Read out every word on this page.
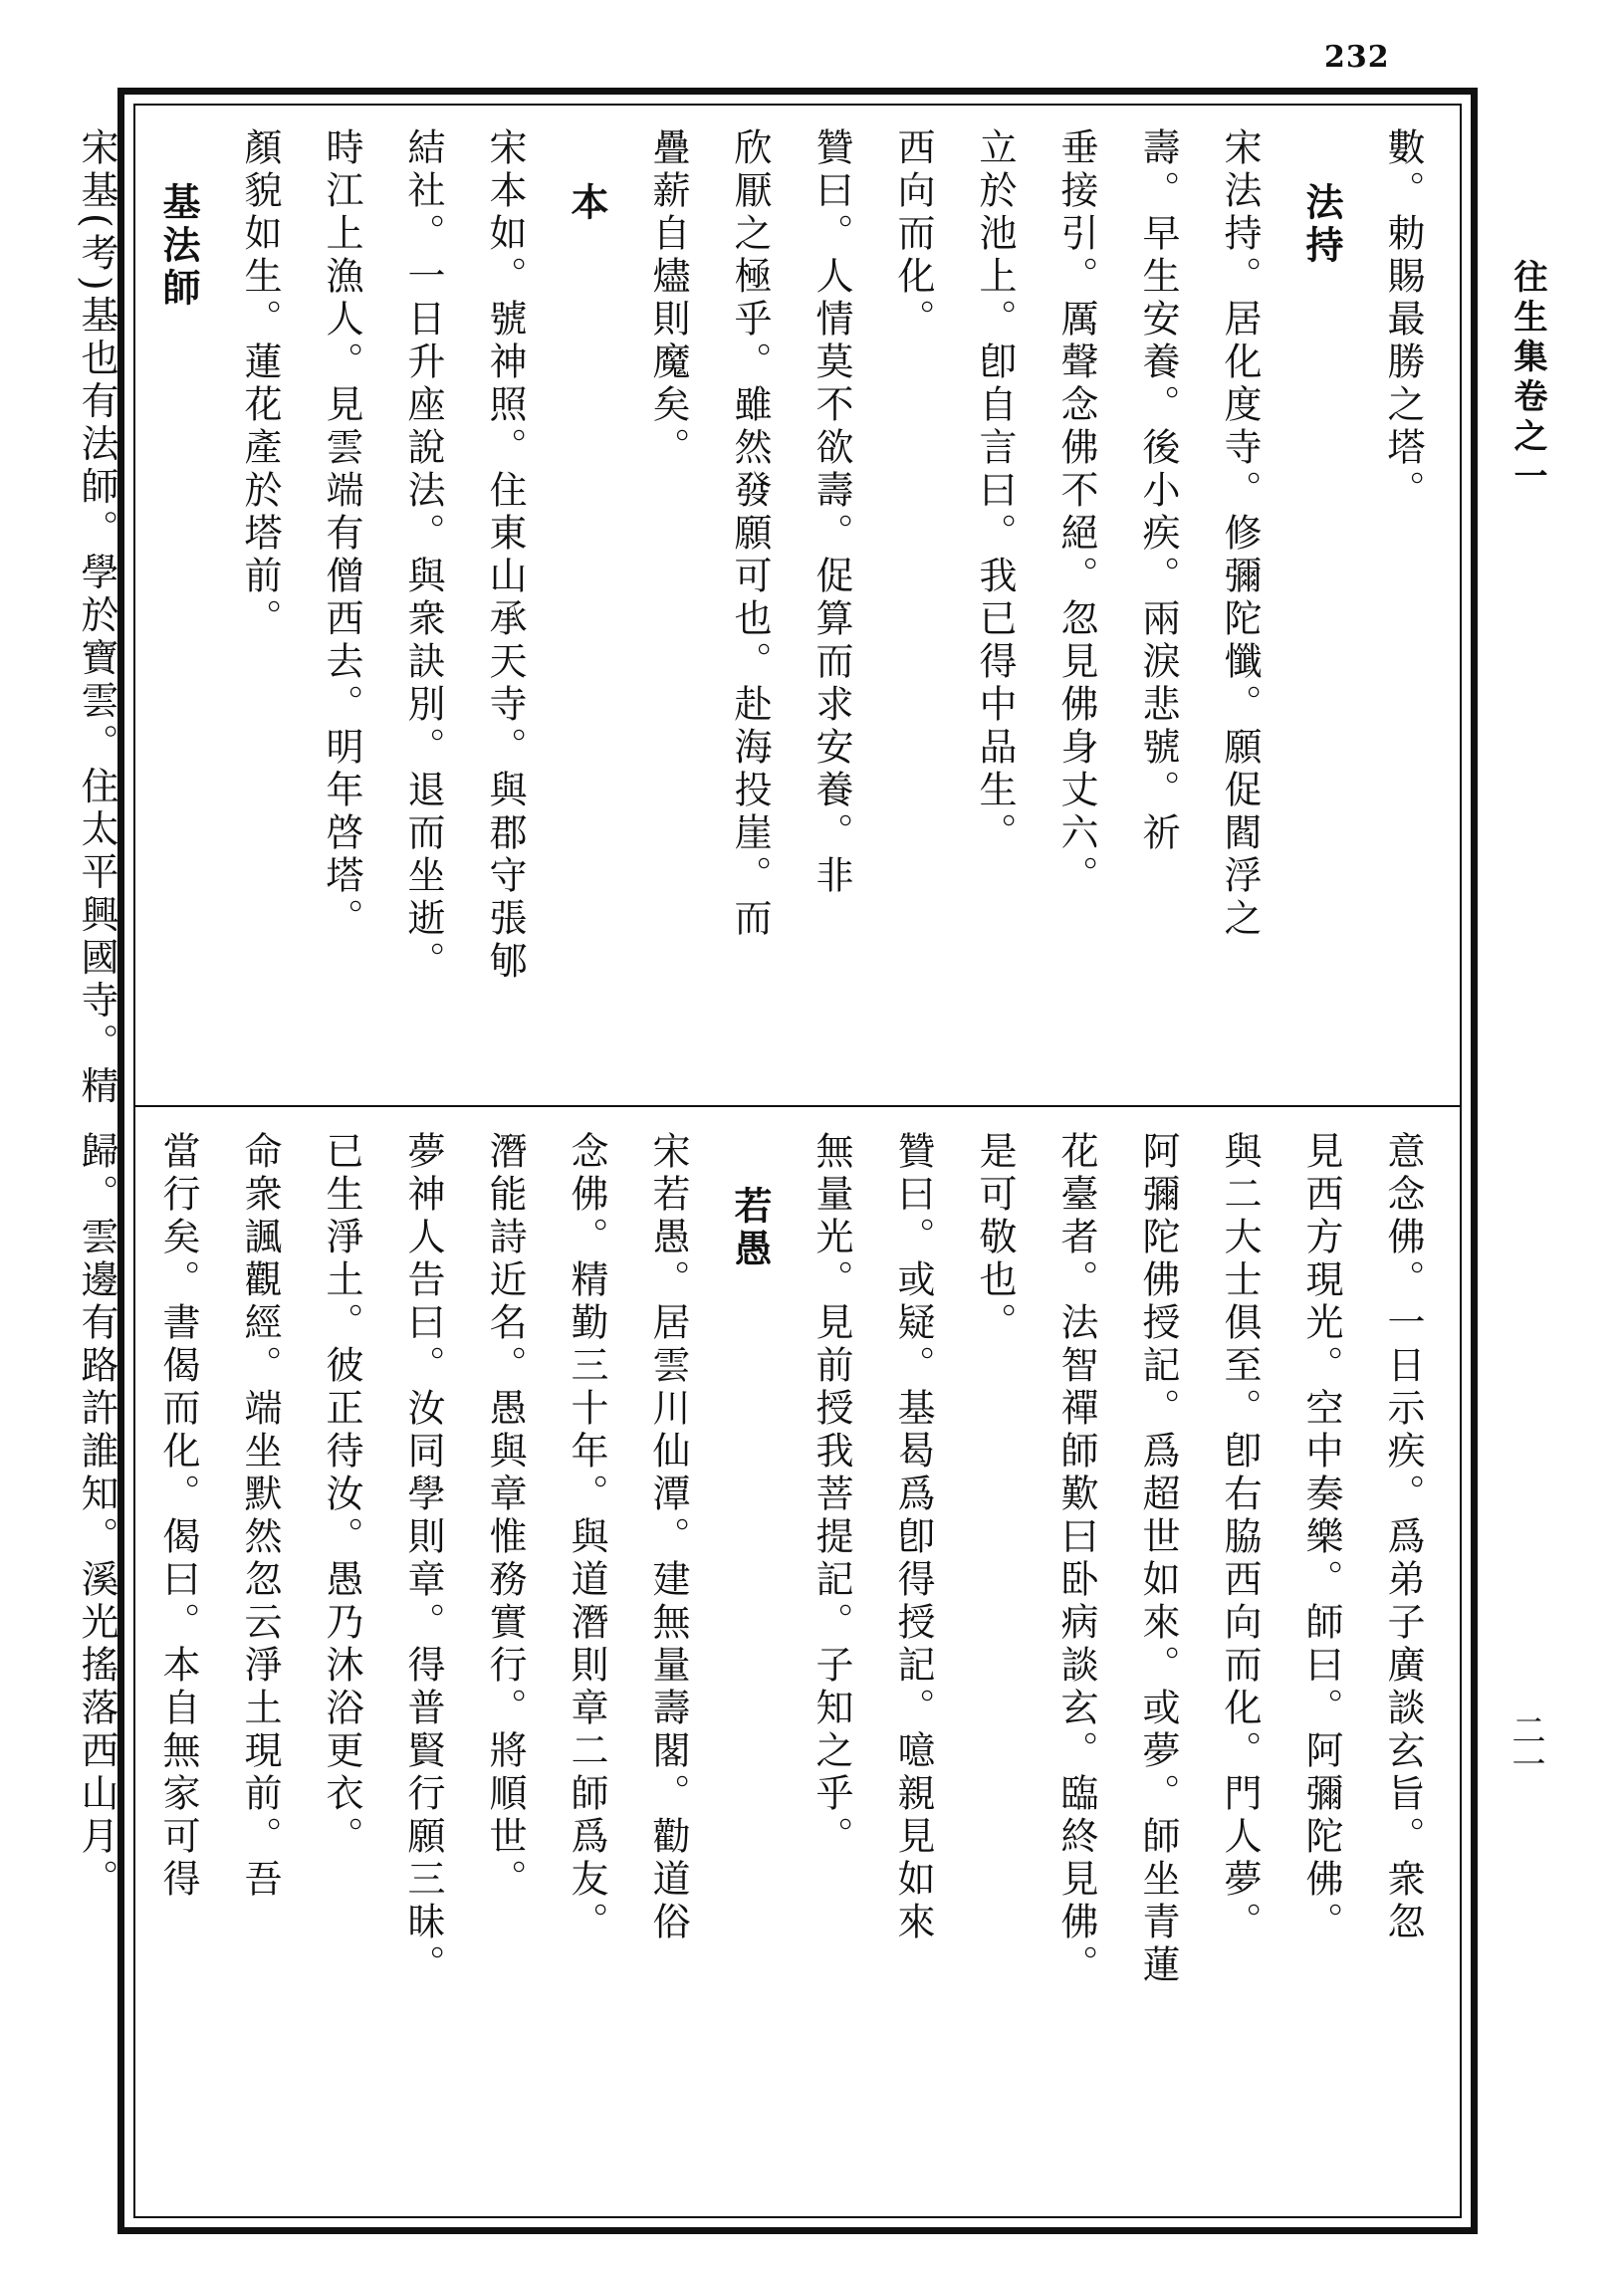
232
往生集卷之一
二一
數。勅賜最勝之塔。
法持
宋法持。居化度寺。修彌陀懺。願促閻浮之
壽。早生安養。後小疾。兩淚悲號。祈
垂接引。厲聲念佛不絕。忽見佛身丈六。
立於池上。卽自言曰。我已得中品生。
西向而化。
贊曰。人情莫不欲壽。促算而求安養。非
欣厭之極乎。雖然發願可也。赴海投崖。而
疊薪自燼則魔矣。
本
宋本如。號神照。住東山承天寺。與郡守張郇
結社。一日升座說法。與衆訣別。退而坐逝。
時江上漁人。見雲端有僧西去。明年啓塔。
顏貌如生。蓮花產於塔前。
基法師
宋基(考)基也有法師。學於寶雲。住太平興國寺。精
意念佛。一日示疾。爲弟子廣談玄旨。衆忽
見西方現光。空中奏樂。師曰。阿彌陀佛。
與二大士俱至。卽右脇西向而化。門人夢。
阿彌陀佛授記。爲超世如來。或夢。師坐青蓮
花臺者。法智禪師歎曰卧病談玄。臨終見佛。
是可敬也。
贊曰。或疑。基曷爲卽得授記。噫親見如來
無量光。見前授我菩提記。子知之乎。
若愚
宋若愚。居雲川仙潭。建無量壽閣。勸道俗
念佛。精勤三十年。與道潛則章二師爲友。
潛能詩近名。愚與章惟務實行。將順世。
夢神人告曰。汝同學則章。得普賢行願三昧。
已生淨土。彼正待汝。愚乃沐浴更衣。
命衆諷觀經。端坐默然忽云淨土現前。吾
當行矣。書偈而化。偈曰。本自無家可得
歸。雲邊有路許誰知。溪光搖落西山月。
